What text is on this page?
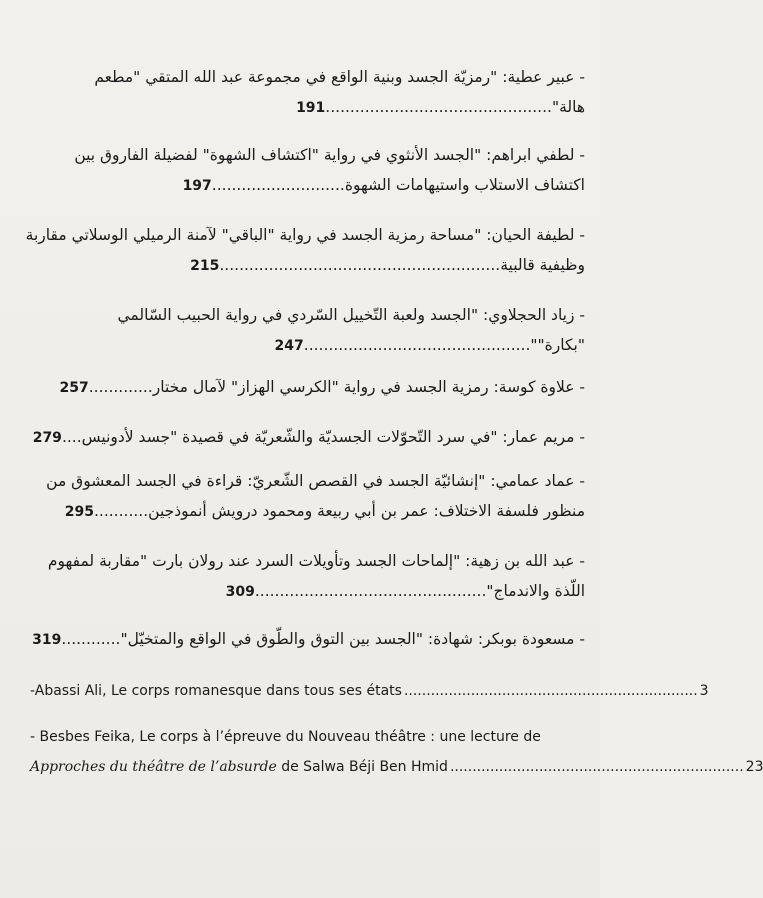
- عبير عطية: "رمزيّة الجسد وبنية الواقع في مجموعة عبد الله المتقي "مطعم
هالة"..............................................
191
- لطفي ابراهم: "الجسد الأنثوي في رواية "اكتشاف الشهوة" لفضيلة الفاروق بين
اكتشاف الاستلاب واستيهامات الشهوة...........................
197
- لطيفة الحيان: "مساحة رمزية الجسد في رواية "الباقي" لآمنة الرميلي الوسلاتي مقاربة
وظيفية قالبية.........................................................
215
- زياد الحجلاوي: "الجسد ولعبة التّخييل السّردي في رواية الحبيب السّالمي
"بكارة""..............................................
247
- علاوة كوسة: رمزية الجسد في رواية "الكرسي الهزاز" لآمال مختار.............
257
- مريم عمار: "في سرد التّحوّلات الجسديّة والشّعريّة في قصيدة "جسد لأدونيس....
279
- عماد عمامي: "إنشائيّة الجسد في القصص الشّعريّ: قراءة في الجسد المعشوق من
منظور فلسفة الاختلاف: عمر بن أبي ربيعة ومحمود درويش أنموذجين...........
295
- عبد الله بن زهية: "إلماحات الجسد وتأويلات السرد عند رولان بارت "مقاربة لمفهوم
اللّذة والاندماج"...............................................
309
- مسعودة بوبكر: شهادة: "الجسد بين التوق والطّوق في الواقع والمتخيّل"............
319
-Abassi Ali, Le corps romanesque dans tous ses états .................................................................. 3
- Besbes Feika, Le corps à l’épreuve du Nouveau théâtre : une lecture de
Approches du théâtre de l’absurde de Salwa Béji Ben Hmid .................................................................. 23
